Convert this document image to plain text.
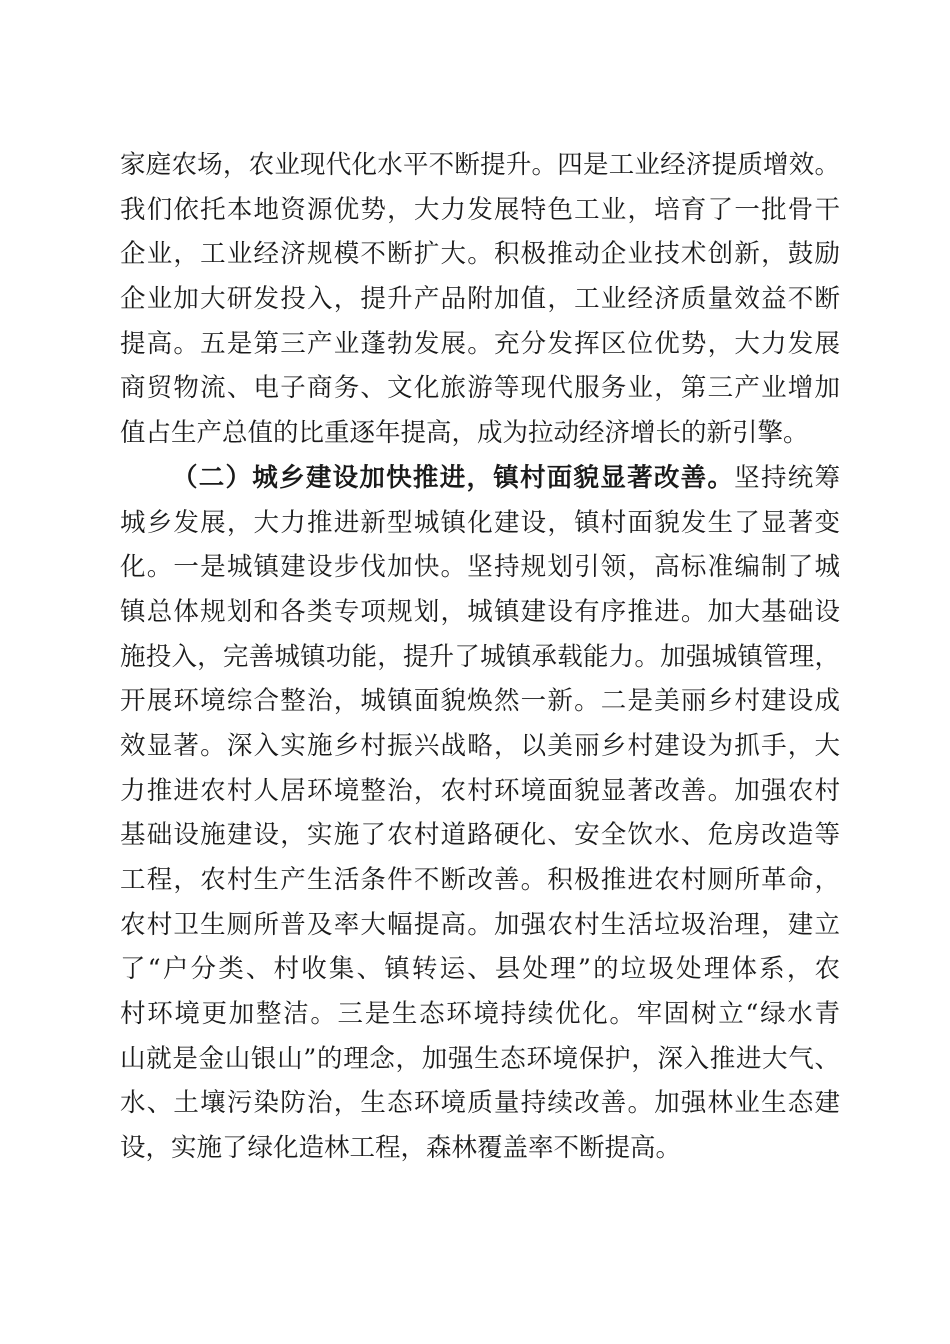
家庭农场，农业现代化水平不断提升。四是工业经济提质增效。
我们依托本地资源优势，大力发展特色工业，培育了一批骨干
企业，工业经济规模不断扩大。积极推动企业技术创新，鼓励
企业加大研发投入，提升产品附加值，工业经济质量效益不断
提高。五是第三产业蓬勃发展。充分发挥区位优势，大力发展
商贸物流、电子商务、文化旅游等现代服务业，第三产业增加
值占生产总值的比重逐年提高，成为拉动经济增长的新引擎。
（二）城乡建设加快推进，镇村面貌显著改善。坚持统筹
城乡发展，大力推进新型城镇化建设，镇村面貌发生了显著变
化。一是城镇建设步伐加快。坚持规划引领，高标准编制了城
镇总体规划和各类专项规划，城镇建设有序推进。加大基础设
施投入，完善城镇功能，提升了城镇承载能力。加强城镇管理，
开展环境综合整治，城镇面貌焕然一新。二是美丽乡村建设成
效显著。深入实施乡村振兴战略，以美丽乡村建设为抓手，大
力推进农村人居环境整治，农村环境面貌显著改善。加强农村
基础设施建设，实施了农村道路硬化、安全饮水、危房改造等
工程，农村生产生活条件不断改善。积极推进农村厕所革命，
农村卫生厕所普及率大幅提高。加强农村生活垃圾治理，建立
了“户分类、村收集、镇转运、县处理”的垃圾处理体系，农
村环境更加整洁。三是生态环境持续优化。牢固树立“绿水青
山就是金山银山”的理念，加强生态环境保护，深入推进大气、
水、土壤污染防治，生态环境质量持续改善。加强林业生态建
设，实施了绿化造林工程，森林覆盖率不断提高。
